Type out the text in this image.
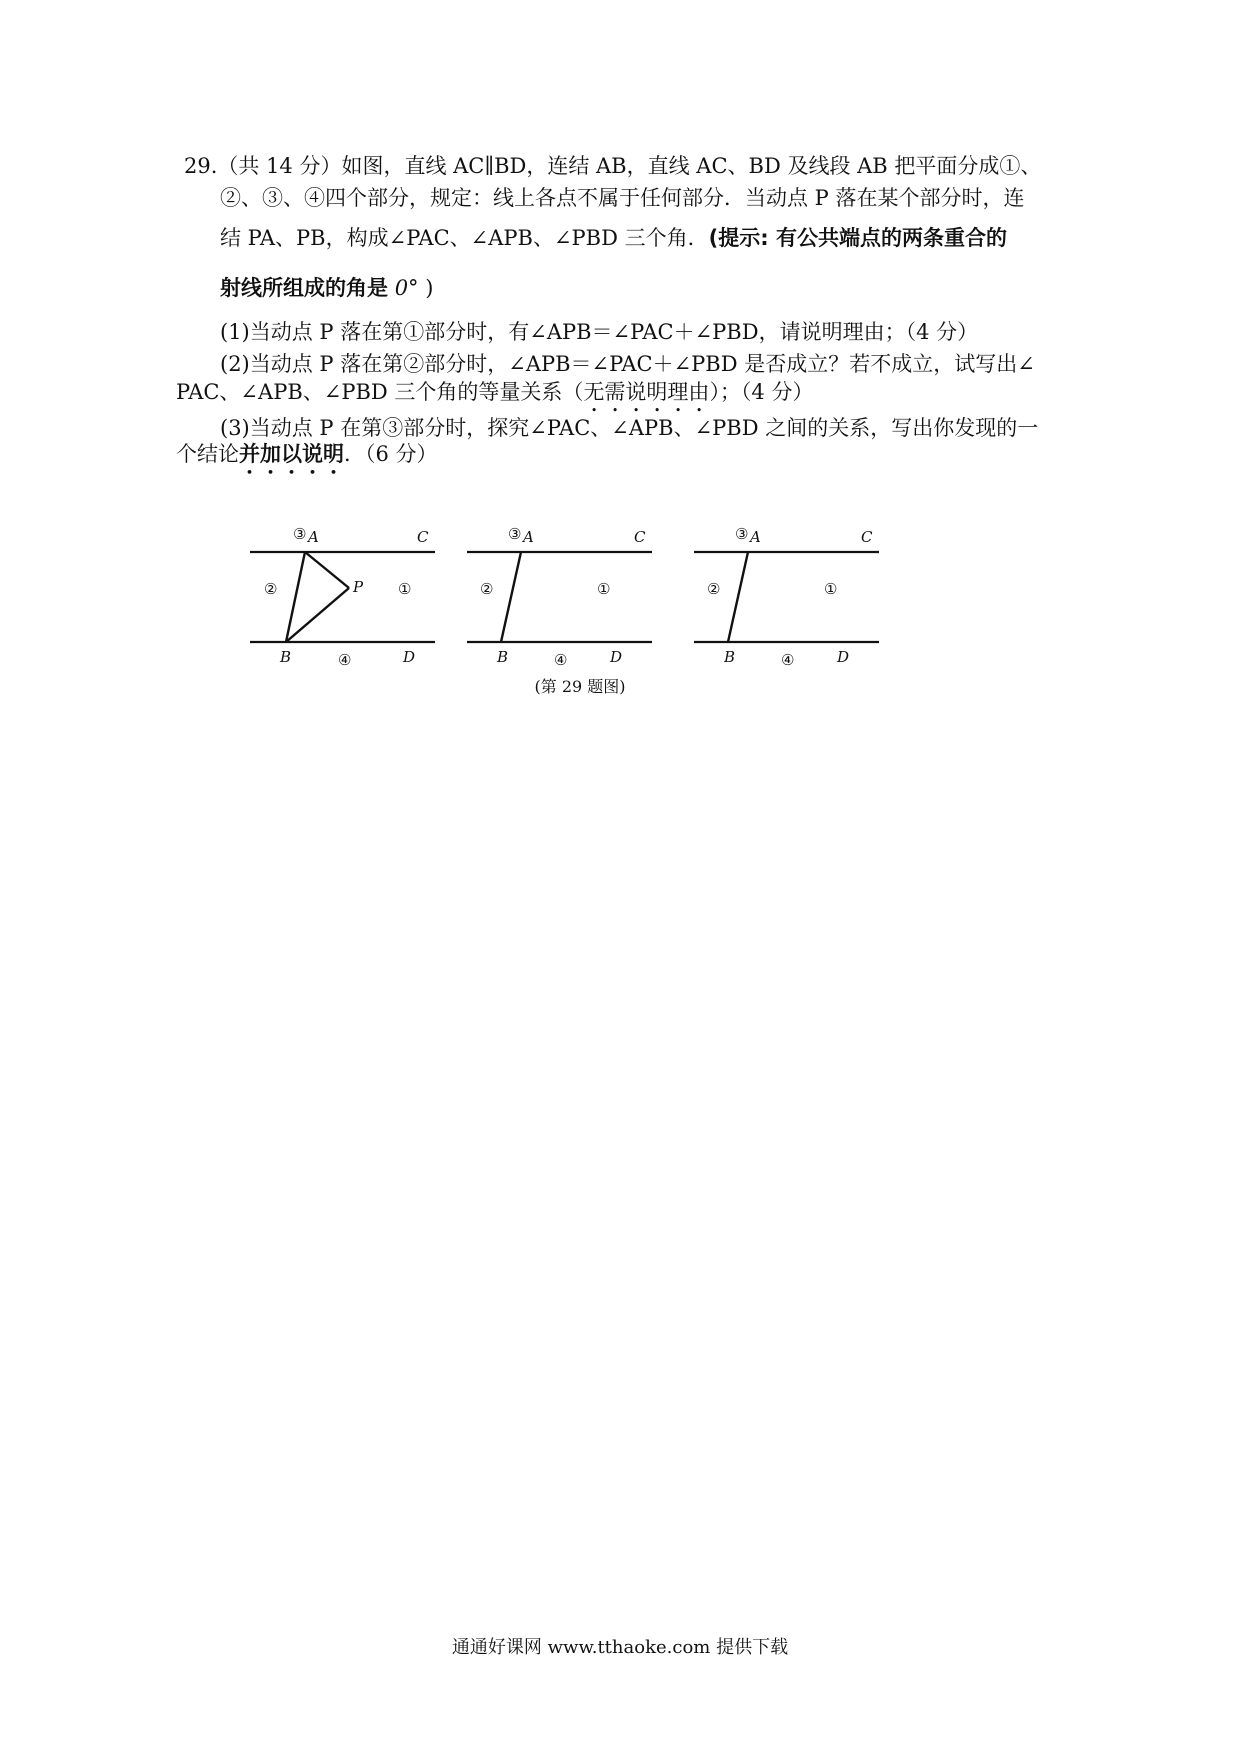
29.（共 14 分）如图，直线 AC∥BD，连结 AB，直线 AC、BD 及线段 AB 把平面分成①、
②、③、④四个部分，规定：线上各点不属于任何部分．当动点 P 落在某个部分时，连
结 PA、PB，构成∠PAC、∠APB、∠PBD 三个角．(提示: 有公共端点的两条重合的
射线所组成的角是 0° )
(1)当动点 P 落在第①部分时，有∠APB＝∠PAC＋∠PBD，请说明理由；（4 分）
(2)当动点 P 落在第②部分时，∠APB＝∠PAC＋∠PBD 是否成立？若不成立，试写出∠
PAC、∠APB、∠PBD 三个角的等量关系（无需说明理由）；（4 分）
(3)当动点 P 在第③部分时，探究∠PAC、∠APB、∠PBD 之间的关系，写出你发现的一
个结论并加以说明．（6 分）
③ A	C
②	P ①
B	④	D
③ A	C
②	①
B	④	D
③ A	C
②	①
B	④	D
(第 29 题图)
通通好课网 www.tthaoke.com 提供下载
